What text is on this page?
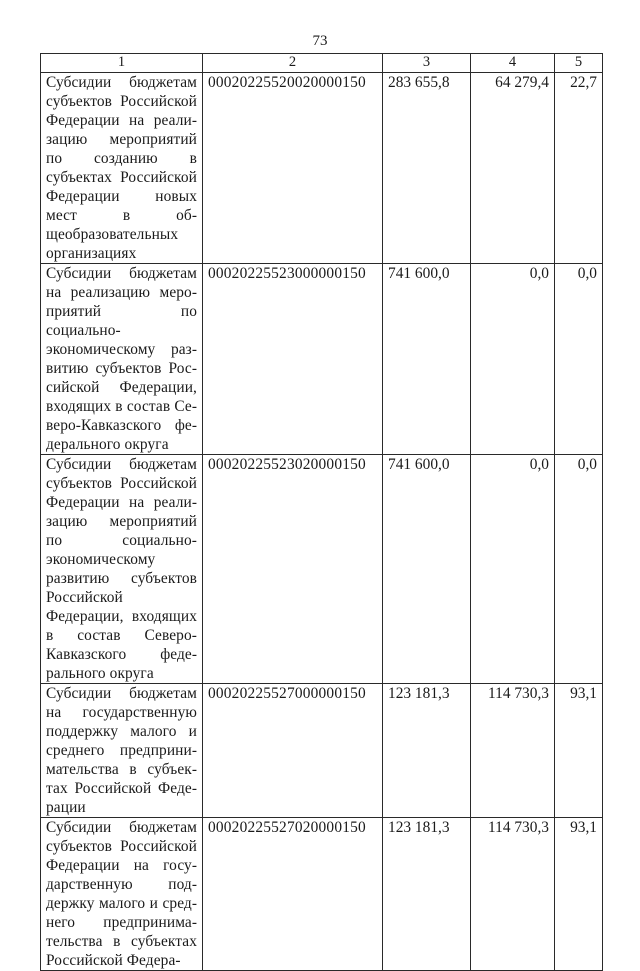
73
1	2	3	4	5
Субсидии бюджетам субъектов Российской Федерации на реализацию мероприятий по созданию в субъектах Российской Федерации новых мест в общеобразовательных организациях	00020225520020000150	283 655,8	64 279,4	22,7
Субсидии бюджетам на реализацию мероприятий по социально-экономическому развитию субъектов Российской Федерации, входящих в состав Северо-Кавказского федерального округа	00020225523000000150	741 600,0	0,0	0,0
Субсидии бюджетам субъектов Российской Федерации на реализацию мероприятий по социально-экономическому развитию субъектов Российской Федерации, входящих в состав Северо-Кавказского федерального округа	00020225523020000150	741 600,0	0,0	0,0
Субсидии бюджетам на государственную поддержку малого и среднего предпринимательства в субъектах Российской Федерации	00020225527000000150	123 181,3	114 730,3	93,1
Субсидии бюджетам субъектов Российской Федерации на государственную поддержку малого и среднего предпринимательства в субъектах Российской Федера-	00020225527020000150	123 181,3	114 730,3	93,1
